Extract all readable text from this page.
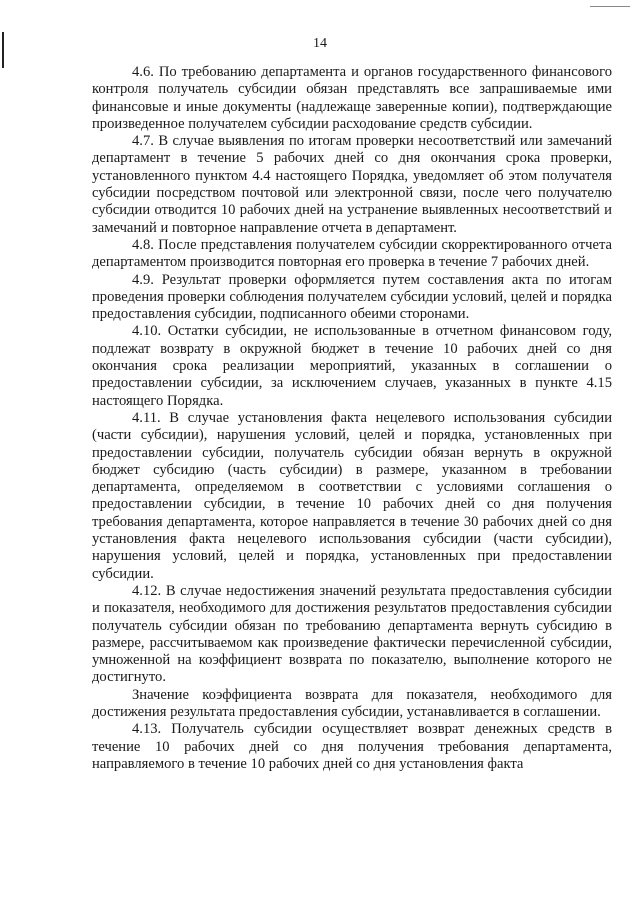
14

4.6. По требованию департамента и органов государственного финансового контроля получатель субсидии обязан представлять все запрашиваемые ими финансовые и иные документы (надлежаще заверенные копии), подтверждающие произведенное получателем субсидии расходование средств субсидии.

4.7. В случае выявления по итогам проверки несоответствий или замечаний департамент в течение 5 рабочих дней со дня окончания срока проверки, установленного пунктом 4.4 настоящего Порядка, уведомляет об этом получателя субсидии посредством почтовой или электронной связи, после чего получателю субсидии отводится 10 рабочих дней на устранение выявленных несоответствий и замечаний и повторное направление отчета в департамент.

4.8. После представления получателем субсидии скорректированного отчета департаментом производится повторная его проверка в течение 7 рабочих дней.

4.9. Результат проверки оформляется путем составления акта по итогам проведения проверки соблюдения получателем субсидии условий, целей и порядка предоставления субсидии, подписанного обеими сторонами.

4.10. Остатки субсидии, не использованные в отчетном финансовом году, подлежат возврату в окружной бюджет в течение 10 рабочих дней со дня окончания срока реализации мероприятий, указанных в соглашении о предоставлении субсидии, за исключением случаев, указанных в пункте 4.15 настоящего Порядка.

4.11. В случае установления факта нецелевого использования субсидии (части субсидии), нарушения условий, целей и порядка, установленных при предоставлении субсидии, получатель субсидии обязан вернуть в окружной бюджет субсидию (часть субсидии) в размере, указанном в требовании департамента, определяемом в соответствии с условиями соглашения о предоставлении субсидии, в течение 10 рабочих дней со дня получения требования департамента, которое направляется в течение 30 рабочих дней со дня установления факта нецелевого использования субсидии (части субсидии), нарушения условий, целей и порядка, установленных при предоставлении субсидии.

4.12. В случае недостижения значений результата предоставления субсидии и показателя, необходимого для достижения результатов предоставления субсидии получатель субсидии обязан по требованию департамента вернуть субсидию в размере, рассчитываемом как произведение фактически перечисленной субсидии, умноженной на коэффициент возврата по показателю, выполнение которого не достигнуто.

Значение коэффициента возврата для показателя, необходимого для достижения результата предоставления субсидии, устанавливается в соглашении.

4.13. Получатель субсидии осуществляет возврат денежных средств в течение 10 рабочих дней со дня получения требования департамента, направляемого в течение 10 рабочих дней со дня установления факта
